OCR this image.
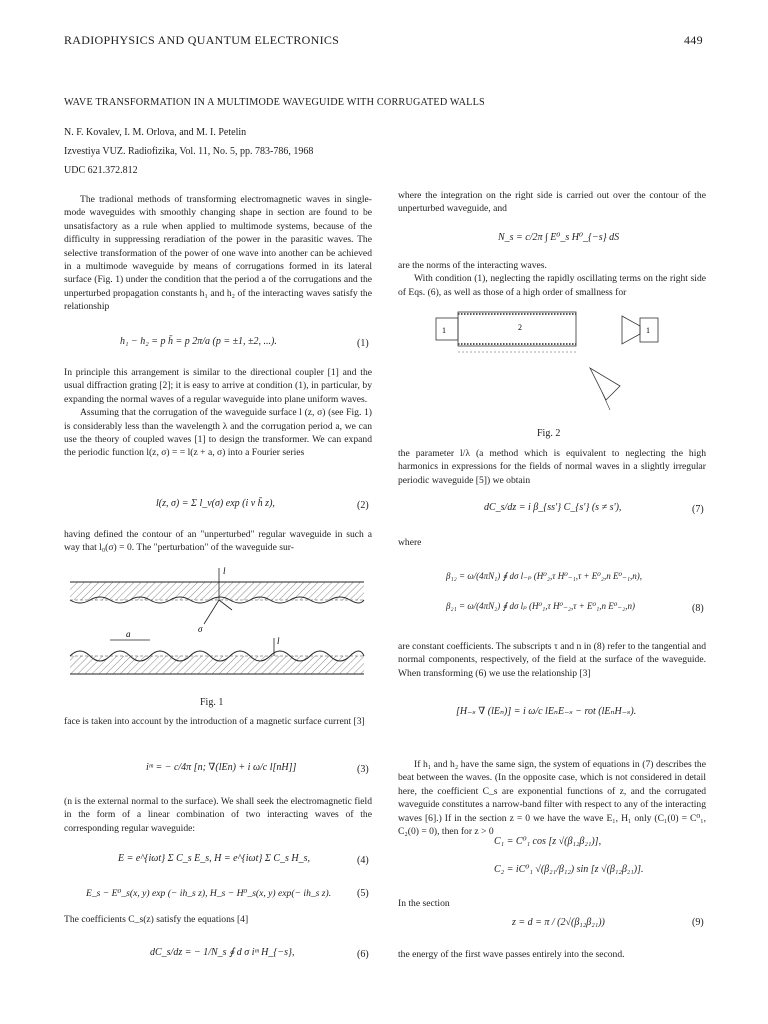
RADIOPHYSICS AND QUANTUM ELECTRONICS	449
WAVE TRANSFORMATION IN A MULTIMODE WAVEGUIDE WITH CORRUGATED WALLS
N. F. Kovalev, I. M. Orlova, and M. I. Petelin
Izvestiya VUZ. Radiofizika, Vol. 11, No. 5, pp. 783-786, 1968
UDC 621.372.812

The tradional methods of transforming electromagnetic waves in single-mode waveguides with smoothly changing shape in section are found to be unsatisfactory as a rule when applied to multimode systems, because of the difficulty in suppressing reradiation of the power in the parasitic waves. The selective transformation of the power of one wave into another can be achieved in a multimode waveguide by means of corrugations formed in its lateral surface (Fig. 1) under the condition that the period a of the corrugations and the unperturbed propagation constants h₁ and h₂ of the interacting waves satisfy the relationship

h₁ − h₂ = p h̄ = p 2π/a (p = ±1, ±2, ...).	(1)

In principle this arrangement is similar to the directional coupler [1] and the usual diffraction grating [2]; it is easy to arrive at condition (1), in particular, by expanding the normal waves of a regular waveguide into plane uniform waves.

Assuming that the corrugation of the waveguide surface l (z, σ) (see Fig. 1) is considerably less than the wavelength λ and the corrugation period a, we can use the theory of coupled waves [1] to design the transformer. We can expand the periodic function l(z, σ) = = l(z + a, σ) into a Fourier series

l(z, σ) = Σ l_ν(σ) exp (i ν h̄ z),	(2)

having defined the contour of an "unperturbed" regular waveguide in such a way that l₀(σ) = 0. The "perturbation" of the waveguide sur-

l
σ
a
l
Fig. 1

face is taken into account by the introduction of a magnetic surface current [3]

iᵐ = − c/4π [n; ∇(lEn) + i ω/c l[nH]]	(3)

(n is the external normal to the surface). We shall seek the electromagnetic field in the form of a linear combination of two interacting waves of the corresponding regular waveguide:

E = e^{iωt} Σ C_s E_s, H = e^{iωt} Σ C_s H_s,	(4)
E_s − E⁰_s(x, y) exp (− ih_s z), H_s − H⁰_s(x, y) exp(− ih_s z).	(5)

The coefficients C_s(z) satisfy the equations [4]

dC_s/dz = − 1/N_s ∮ d σ iᵐ H_{−s},	(6)

where the integration on the right side is carried out over the contour of the unperturbed waveguide, and

N_s = c/2π ∫ E⁰_s H⁰_{−s} dS

are the norms of the interacting waves.

With condition (1), neglecting the rapidly oscillating terms on the right side of Eqs. (6), as well as those of a high order of smallness for

1	2	1
Fig. 2

the parameter l/λ (a method which is equivalent to neglecting the high harmonics in expressions for the fields of normal waves in a slightly irregular periodic waveguide [5]) we obtain

dC_s/dz = i β_{ss'} C_{s'} (s ≠ s'),	(7)
where
β₁₂ = ω/(4πN₁) ∮ dσ l₋ₚ (H⁰₂,τ H⁰₋₁,τ + E⁰₂,n E⁰₋₁,n),
β₂₁ = ω/(4πN₂) ∮ dσ lₚ (H⁰₁,τ H⁰₋₂,τ + E⁰₁,n E⁰₋₂,n)	(8)

are constant coefficients. The subscripts τ and n in (8) refer to the tangential and normal components, respectively, of the field at the surface of the waveguide. When transforming (6) we use the relationship [3]

[H₋ₛ ∇ (lEₙ)] = i ω/c lEₙE₋ₛ − rot (lEₙH₋ₛ).

If h₁ and h₂ have the same sign, the system of equations in (7) describes the beat between the waves. (In the opposite case, which is not considered in detail here, the coefficient C_s are exponential functions of z, and the corrugated waveguide constitutes a narrow-band filter with respect to any of the interacting waves [6].) If in the section z = 0 we have the wave E₁, H₁ only (C₁(0) = C⁰₁, C₂(0) = 0), then for z > 0

C₁ = C⁰₁ cos [z √(β₁₂β₂₁)],
C₂ = iC⁰₁ √(β₂₁/β₁₂) sin [z √(β₁₂β₂₁)].
In the section
z = d = π / (2√(β₁₂β₂₁))	(9)

the energy of the first wave passes entirely into the second.
